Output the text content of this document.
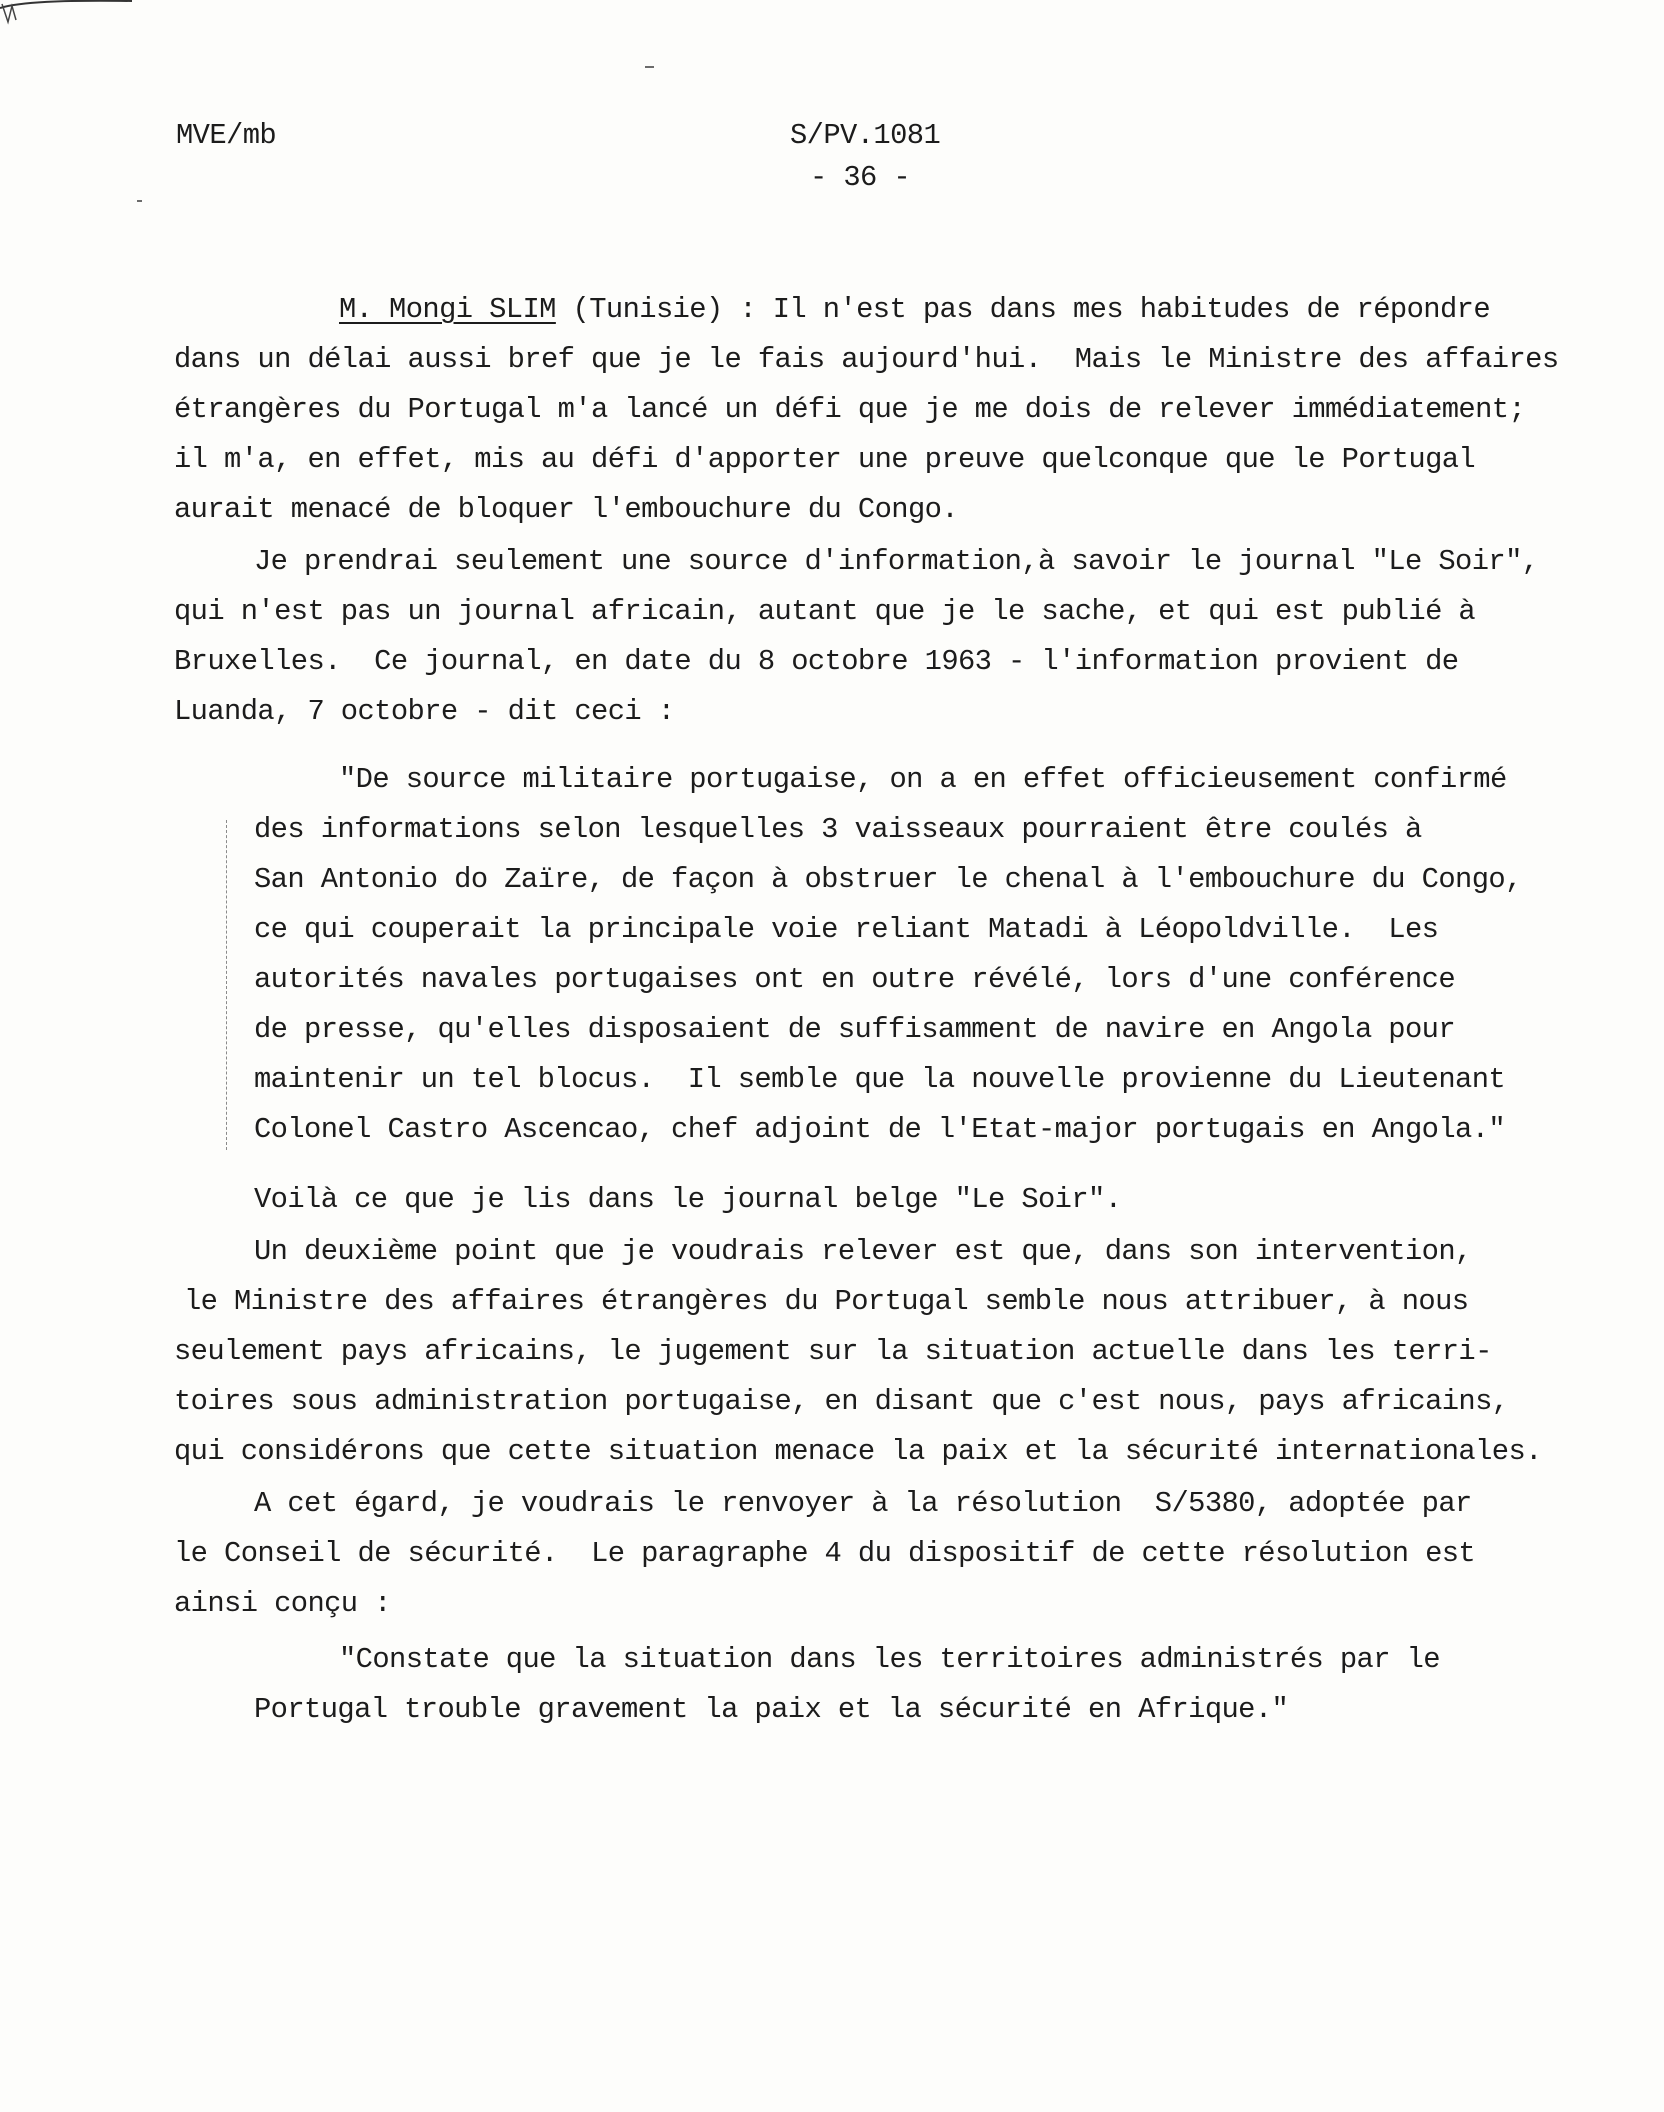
MVE/mb	S/PV.1081
- 36 -
M. Mongi SLIM (Tunisie) : Il n'est pas dans mes habitudes de répondre
dans un délai aussi bref que je le fais aujourd'hui.  Mais le Ministre des affaires
étrangères du Portugal m'a lancé un défi que je me dois de relever immédiatement;
il m'a, en effet, mis au défi d'apporter une preuve quelconque que le Portugal
aurait menacé de bloquer l'embouchure du Congo.
Je prendrai seulement une source d'information,à savoir le journal "Le Soir",
qui n'est pas un journal africain, autant que je le sache, et qui est publié à
Bruxelles.  Ce journal, en date du 8 octobre 1963 - l'information provient de
Luanda, 7 octobre - dit ceci :
"De source militaire portugaise, on a en effet officieusement confirmé
des informations selon lesquelles 3 vaisseaux pourraient être coulés à
San Antonio do Zaïre, de façon à obstruer le chenal à l'embouchure du Congo,
ce qui couperait la principale voie reliant Matadi à Léopoldville.  Les
autorités navales portugaises ont en outre révélé, lors d'une conférence
de presse, qu'elles disposaient de suffisamment de navire en Angola pour
maintenir un tel blocus.  Il semble que la nouvelle provienne du Lieutenant
Colonel Castro Ascencao, chef adjoint de l'Etat-major portugais en Angola."
Voilà ce que je lis dans le journal belge "Le Soir".
Un deuxième point que je voudrais relever est que, dans son intervention,
le Ministre des affaires étrangères du Portugal semble nous attribuer, à nous
seulement pays africains, le jugement sur la situation actuelle dans les terri-
toires sous administration portugaise, en disant que c'est nous, pays africains,
qui considérons que cette situation menace la paix et la sécurité internationales.
A cet égard, je voudrais le renvoyer à la résolution  S/5380, adoptée par
le Conseil de sécurité.  Le paragraphe 4 du dispositif de cette résolution est
ainsi conçu :
"Constate que la situation dans les territoires administrés par le
Portugal trouble gravement la paix et la sécurité en Afrique."
